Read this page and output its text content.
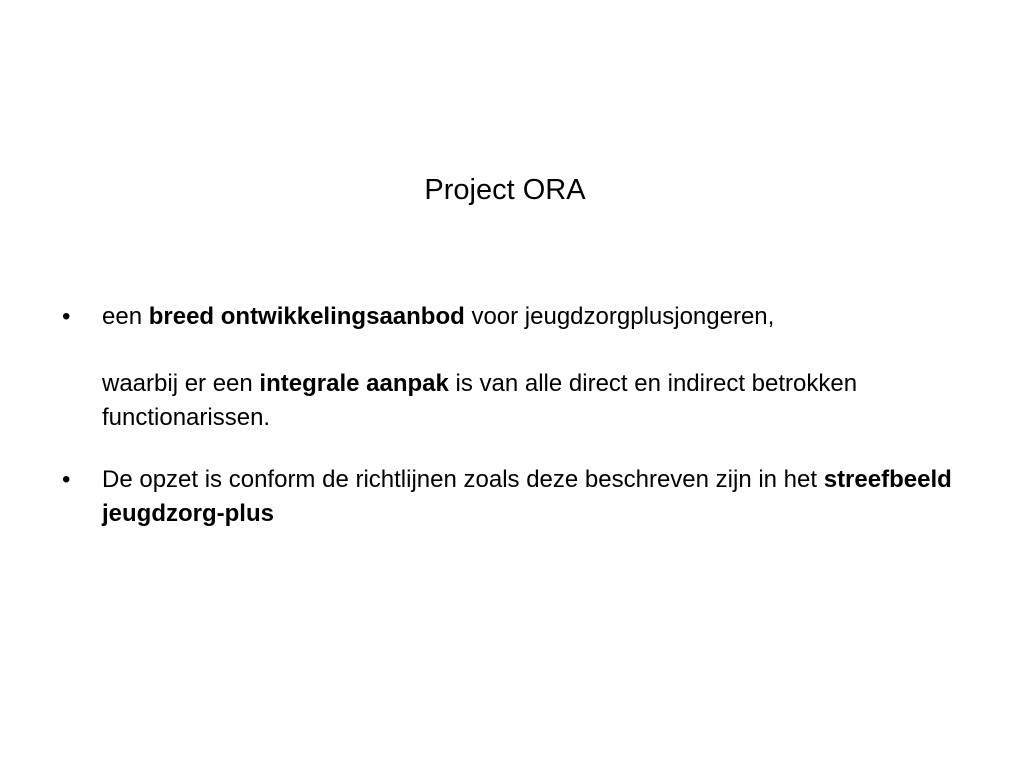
Project ORA
• een breed ontwikkelingsaanbod voor jeugdzorgplusjongeren,
waarbij er een integrale aanpak is van alle direct en indirect betrokken functionarissen.
• De opzet is conform de richtlijnen zoals deze beschreven zijn in het streefbeeld jeugdzorg-plus
